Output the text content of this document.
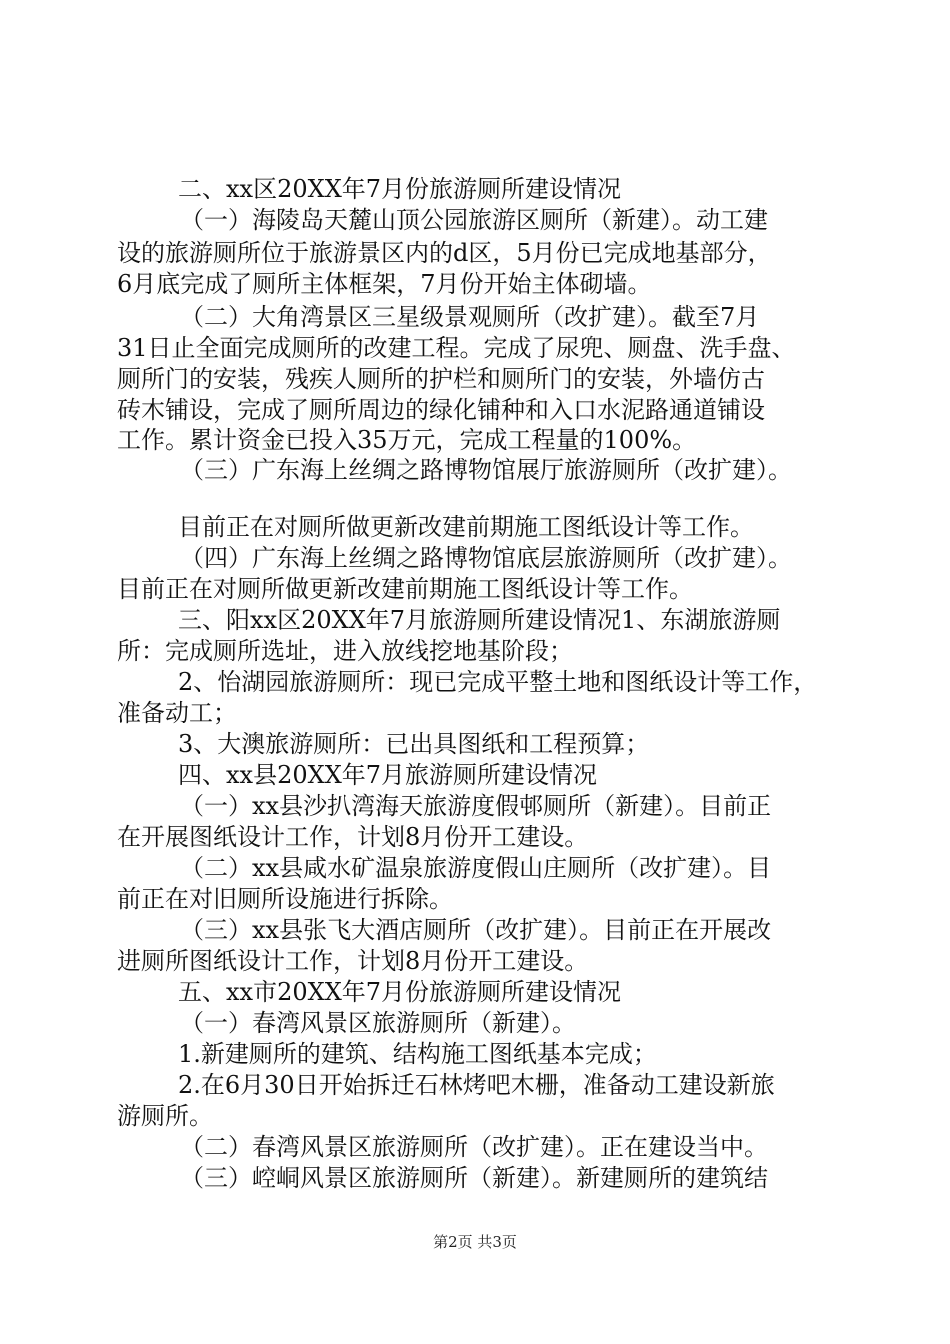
二、xx区20XX年7月份旅游厕所建设情况

（一）海陵岛天麓山顶公园旅游区厕所（新建）。动工建

设的旅游厕所位于旅游景区内的d区，5月份已完成地基部分，

6月底完成了厕所主体框架，7月份开始主体砌墙。

（二）大角湾景区三星级景观厕所（改扩建）。截至7月

31日止全面完成厕所的改建工程。完成了尿兜、厕盘、洗手盘、

厕所门的安装，残疾人厕所的护栏和厕所门的安装，外墙仿古

砖木铺设，完成了厕所周边的绿化铺种和入口水泥路通道铺设

工作。累计资金已投入35万元，完成工程量的100%。

（三）广东海上丝绸之路博物馆展厅旅游厕所（改扩建）。

目前正在对厕所做更新改建前期施工图纸设计等工作。

（四）广东海上丝绸之路博物馆底层旅游厕所（改扩建）。

目前正在对厕所做更新改建前期施工图纸设计等工作。

三、阳xx区20XX年7月旅游厕所建设情况1、东湖旅游厕

所：完成厕所选址，进入放线挖地基阶段；

2、怡湖园旅游厕所：现已完成平整土地和图纸设计等工作，

准备动工；

3、大澳旅游厕所：已出具图纸和工程预算；

四、xx县20XX年7月旅游厕所建设情况

（一）xx县沙扒湾海天旅游度假邨厕所（新建）。目前正

在开展图纸设计工作，计划8月份开工建设。

（二）xx县咸水矿温泉旅游度假山庄厕所（改扩建）。目

前正在对旧厕所设施进行拆除。

（三）xx县张飞大酒店厕所（改扩建）。目前正在开展改

进厕所图纸设计工作，计划8月份开工建设。

五、xx市20XX年7月份旅游厕所建设情况

（一）春湾风景区旅游厕所（新建）。

1.新建厕所的建筑、结构施工图纸基本完成；

2.在6月30日开始拆迁石林烤吧木栅，准备动工建设新旅

游厕所。

（二）春湾风景区旅游厕所（改扩建）。正在建设当中。

（三）崆峒风景区旅游厕所（新建）。新建厕所的建筑结

第2页 共3页
